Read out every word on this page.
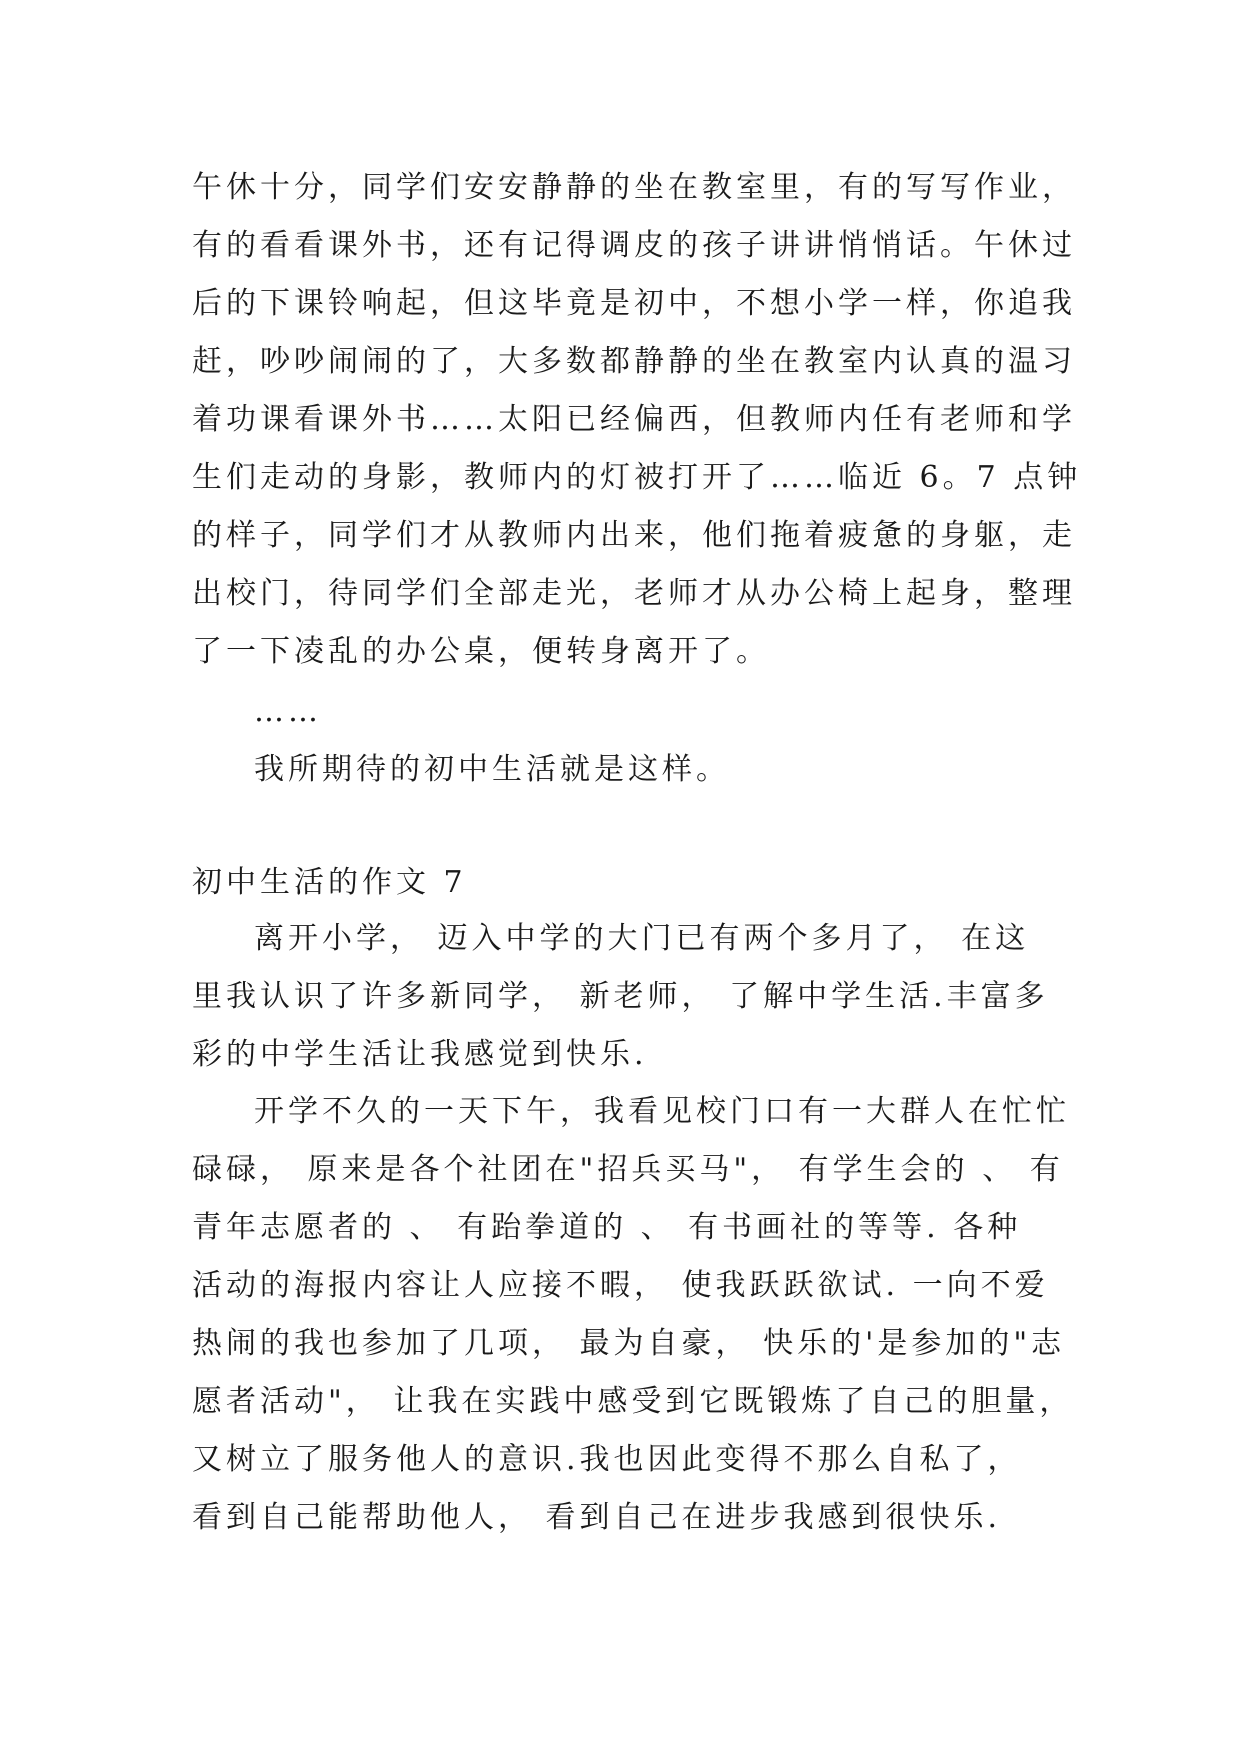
午休十分，同学们安安静静的坐在教室里，有的写写作业，
有的看看课外书，还有记得调皮的孩子讲讲悄悄话。午休过
后的下课铃响起，但这毕竟是初中，不想小学一样，你追我
赶，吵吵闹闹的了，大多数都静静的坐在教室内认真的温习
着功课看课外书……太阳已经偏西，但教师内任有老师和学
生们走动的身影，教师内的灯被打开了……临近 6。7 点钟
的样子，同学们才从教师内出来，他们拖着疲惫的身躯，走
出校门，待同学们全部走光，老师才从办公椅上起身，整理
了一下凌乱的办公桌，便转身离开了。
……
我所期待的初中生活就是这样。
初中生活的作文 7
离开小学， 迈入中学的大门已有两个多月了， 在这
里我认识了许多新同学， 新老师， 了解中学生活.丰富多
彩的中学生活让我感觉到快乐.
开学不久的一天下午，我看见校门口有一大群人在忙忙
碌碌， 原来是各个社团在"招兵买马"， 有学生会的 、 有
青年志愿者的 、 有跆拳道的 、 有书画社的等等. 各种
活动的海报内容让人应接不暇， 使我跃跃欲试. 一向不爱
热闹的我也参加了几项， 最为自豪， 快乐的'是参加的"志
愿者活动"， 让我在实践中感受到它既锻炼了自己的胆量，
又树立了服务他人的意识.我也因此变得不那么自私了，
看到自己能帮助他人， 看到自己在进步我感到很快乐.
